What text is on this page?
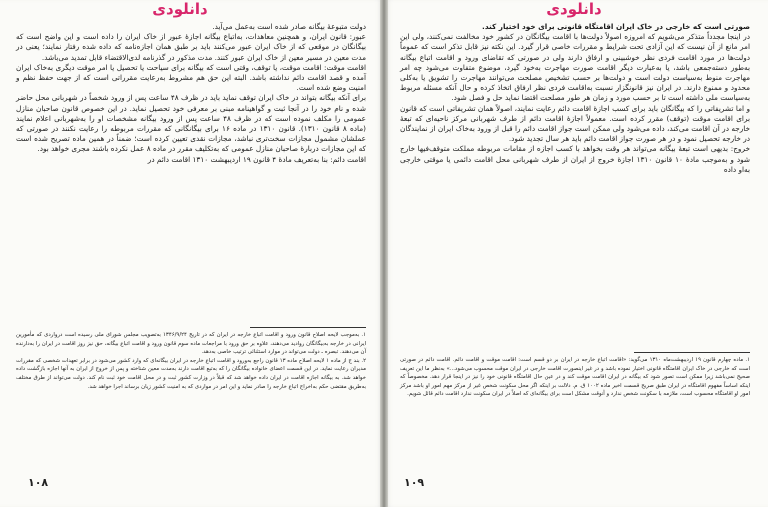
دانلودی

دولت متبوعهٔ بیگانه صادر شده است به‌عمل می‌آید.

عبور: قانون ایران، و همچنین معاهدات، به‌اتباع بیگانه اجازهٔ عبور از خاک ایران را داده است و این واضح است که بیگانگان در موقعی که از خاک ایران عبور می‌کنند باید بر طبق همان اجازه‌نامه که داده شده رفتار نمایند؛ یعنی در مدت معین در مسیر معین از خاک ایران عبور کنند. مدت مذکور در گذرنامه لدی‌الاقتضاء قابل تمدید می‌باشد.

اقامت موقت: اقامت موقت، یا توقف، وقتی است که بیگانه برای سیاحت یا تحصیل یا امر موقت دیگری به‌خاک ایران آمده و قصد اقامت دائم نداشته باشد. البته این حق هم مشروط به‌رعایت مقرراتی است که از جهت حفظ نظم و امنیت وضع شده است.

برای آنکه بیگانه بتواند در خاک ایران توقف نماید باید در ظرف ۴۸ ساعت پس از ورود شخصاً در شهربانی محل حاضر شده و نام خود را در آنجا ثبت و گواهینامه مبنی بر معرفی خود تحصیل نماید. در این خصوص قانون صاحبان منازل عمومی را مکلف نموده است که در ظرف ۴۸ ساعت پس از ورود بیگانه مشخصات او را به‌شهربانی اعلام نمایند (ماده ۸ قانون ۱۳۱۰). قانون ۱۳۱۰ در ماده ۱۶ برای بیگانگانی که مقررات مربوطه را رعایت نکنند در صورتی که عملشان مشمول مجازات سخت‌تری نباشد، مجازات نقدی تعیین کرده است؛ ضمناً در همین ماده تصریح شده است که این مجازات دربارهٔ صاحبان منازل عمومی که به‌تکلیف مقرر در ماده ۸ عمل نکرده باشند مجری خواهد بود.

اقامت دائم: بنا به‌تعریف مادهٔ ۴ قانون ۱۹ اردیبهشت ۱۳۱۰ اقامت دائم در

۱. به‌موجب لایحه اصلاح قانون ورود و اقامت اتباع خارجه در ایران که در تاریخ ۱۳۴۶/۹/۲۴ به‌تصویب مجلس شورای ملی رسیده است درواردی که مأمورین ایرانی در خارجه به‌بیگانگان روادید می‌دهند، علاوه بر حق ورود با مراجعات ماده سوم قانون ورود و اقامت اتباع بیگانه، حق نیز روز اقامت در ایران را به‌دارنده آن می‌دهند. تبصره ـ دولت می‌تواند در موارد استثنائی ترتیب خاصی به‌دهد.
۲. بند ج از ماده ۱ لایحه اصلاح ماده ۱۳ قانون راجع به‌ورود و اقامت اتباع خارجه در ایران بیگانه‌ای که وارد کشور می‌شود در برابر تعهدات شخصی که مقررات مدیران رعایت نماید. در این قسمت اعضای خانواده بیگانگان را که به‌تبع اقامت دارند به‌مدت معین شناخته و پس از خروج از ایران به آنها اجازه بازگشت داده خواهد شد. به بیگانه اجازه اقامت در ایران داده خواهد شد که قبلاً در وزارت کشور ثبت و در محل اقامت خود ثبت نام کند. دولت می‌تواند از طرق مختلف به‌طریق مقتضی حکم به‌اخراج اتباع خارجه را صادر نماید و این امر در مواردی که به امنیت کشور زیان برساند اجرا خواهد شد.
۱۰۸
دانلودی

صورتی است که خارجی در خاک ایران اقامتگاه قانونی برای خود اختیار کند.

در اینجا مجدداً متذکر می‌شویم که امروزه اصولاً دولت‌ها با اقامت بیگانگان در کشور خود مخالفت نمی‌کنند، ولی این امر مانع از آن نیست که این آزادی تحت شرایط و مقررات خاصی قرار گیرد. این نکته نیز قابل تذکر است که عموماً دولت‌ها در مورد اقامت فردی نظر خوشبینی و ارفاق دارند ولی در صورتی که تقاضای ورود و اقامت اتباع بیگانه به‌طور دسته‌جمعی باشد، یا به‌عبارت دیگر اقامت صورت مهاجرت به‌خود گیرد، موضوع متفاوت می‌شود چه امر مهاجرت منوط به‌سیاست دولت است و دولت‌ها بر حسب تشخیص مصلحت می‌توانند مهاجرت را تشویق یا به‌کلی محدود و ممنوع دارند. در ایران نیز قانونگزار نسبت به‌اقامت فردی نظر ارفاق اتخاذ کرده و حال آنکه مسئله مربوط به‌سیاست ملی داشته است تا بر حسب مورد و زمان هر طور مصلحت اقتضا نماید حل و فصل شود.

و اما تشریفاتی را که بیگانگان باید برای کسب اجازهٔ اقامت دائم رعایت نمایند، اصولاً همان تشریفاتی است که قانون برای اقامت موقت (توقف) مقرر کرده است. معمولاً اجازهٔ اقامت دائم از طرف شهربانی مرکز ناحیه‌ای که تبعهٔ خارجه در آن اقامت می‌کند، داده می‌شود ولی ممکن است جواز اقامت دائم را قبل از ورود به‌خاک ایران از نمایندگان در خارجه تحصیل نمود و در هر صورت جواز اقامت دائم باید هر سال تجدید شود.

خروج: بدیهی است تبعهٔ بیگانه می‌تواند هر وقت بخواهد با کسب اجازه از مقامات مربوطه مملکت متوقف‌فیها خارج شود و به‌موجب مادهٔ ۱۰ قانون ۱۳۱۰ اجازهٔ خروج از ایران از طرف شهربانی محل اقامت دائمی یا موقتی خارجی به‌او داده

۱. ماده چهارم قانون ۱۹ اردیبهشت‌ماه ۱۳۱۰ می‌گوید: «اقامت اتباع خارجه در ایران بر دو قسم است: اقامت موقت و اقامت دائم. اقامت دائم در صورتی است که خارجی در خاک ایران اقامتگاه قانونی اختیار نموده باشد و در غیر اینصورت اقامت خارجی در ایران موقت محسوب می‌شود...» به‌نظر ما این تعریف صحیح نمی‌باشد زیرا ممکن است تصور شود که بیگانه در ایران اقامت موقت کند و در عین حال اقامتگاه قانونی خود را نیز در اینجا قرار دهد. مخصوصاً که اینکه اساساً مفهوم اقامتگاه در ایران طبق صریح قسمت اخیر ماده ۱۰۰۲ ق. م. دلالت بر اینکه اگر محل سکونت شخص غیر از مرکز مهم امور او باشد مرکز امور او اقامتگاه محسوب است، ملازمه با سکونت شخص ندارد و آنوقت مشکل است برای بیگانه‌ای که اصلاً در ایران سکونت ندارد اقامت دائم قائل شویم.
۱۰۹
